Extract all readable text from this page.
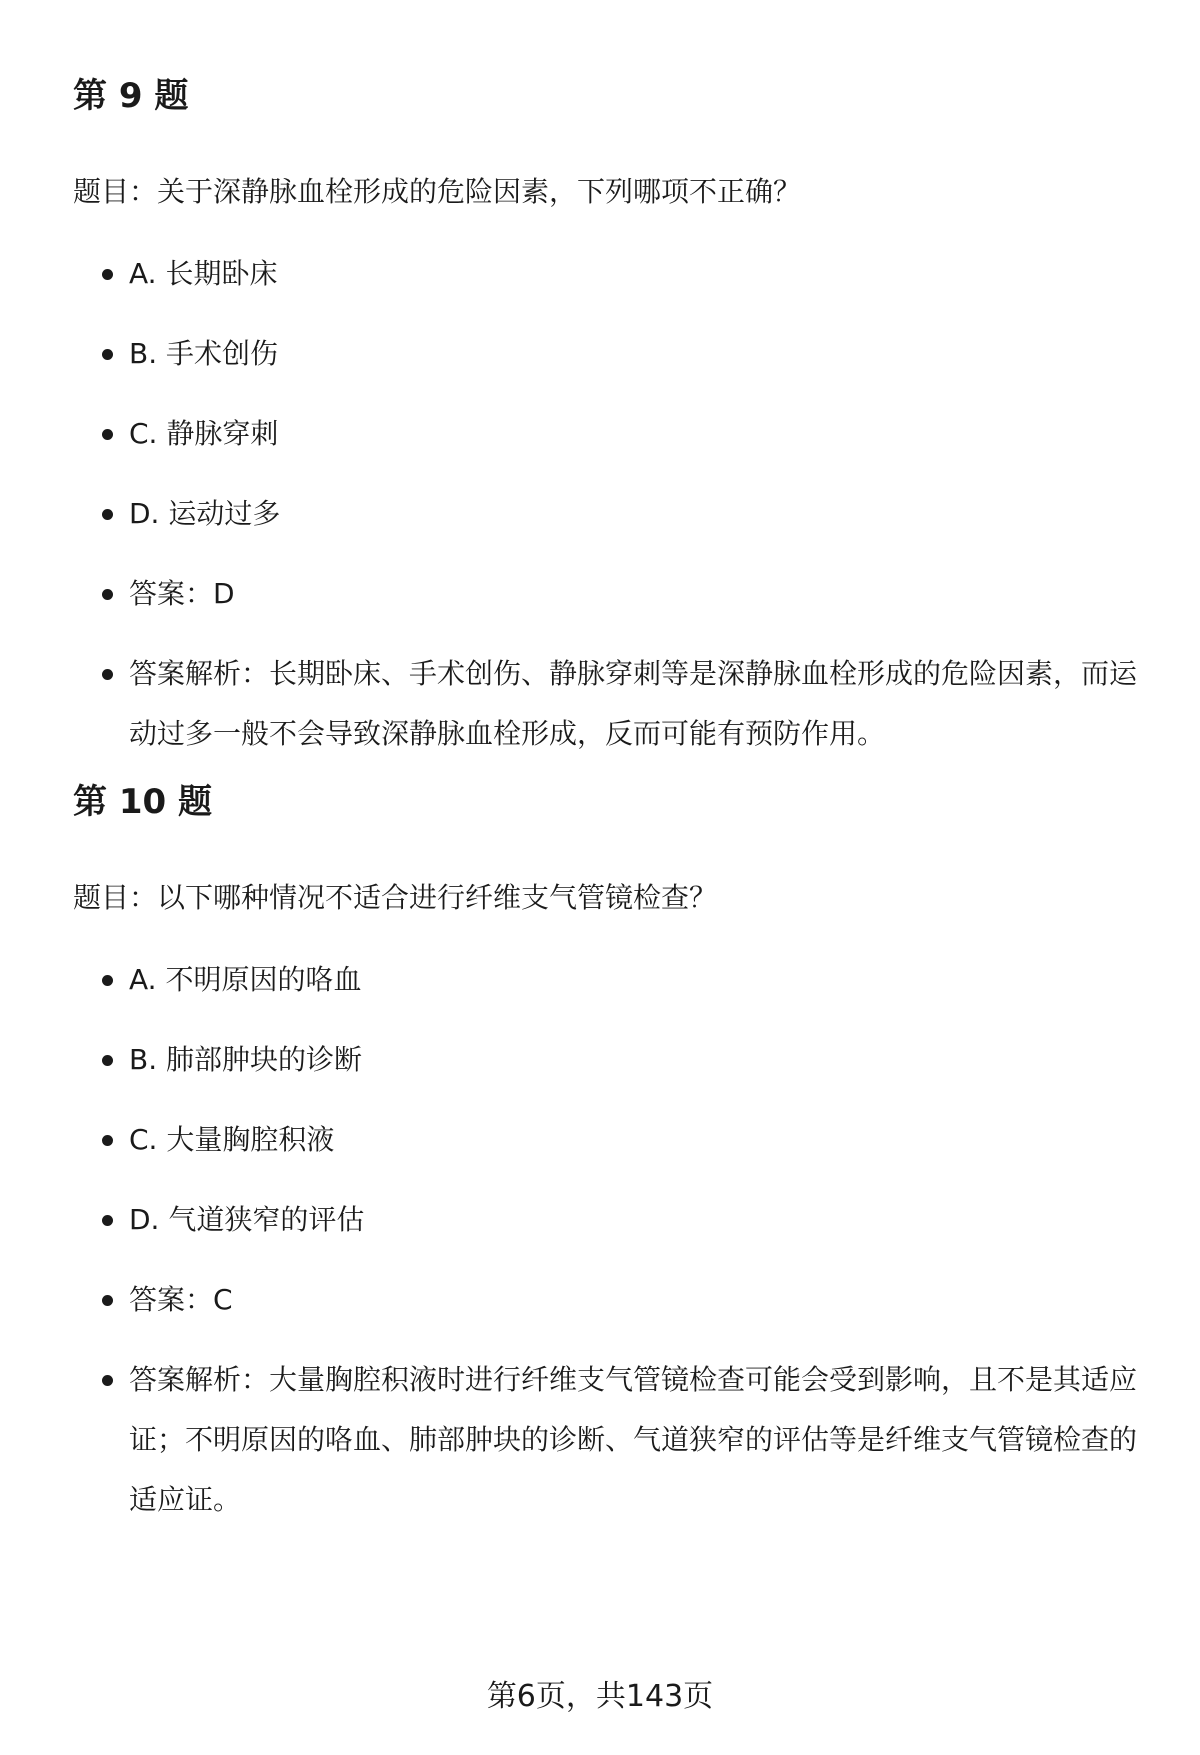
第 9 题

题目：关于深静脉血栓形成的危险因素，下列哪项不正确？

A. 长期卧床
B. 手术创伤
C. 静脉穿刺
D. 运动过多
答案：D
答案解析：长期卧床、手术创伤、静脉穿刺等是深静脉血栓形成的危险因素，而运动过多一般不会导致深静脉血栓形成，反而可能有预防作用。
第 10 题

题目：以下哪种情况不适合进行纤维支气管镜检查？

A. 不明原因的咯血
B. 肺部肿块的诊断
C. 大量胸腔积液
D. 气道狭窄的评估
答案：C
答案解析：大量胸腔积液时进行纤维支气管镜检查可能会受到影响，且不是其适应证；不明原因的咯血、肺部肿块的诊断、气道狭窄的评估等是纤维支气管镜检查的适应证。
第6页，共143页
